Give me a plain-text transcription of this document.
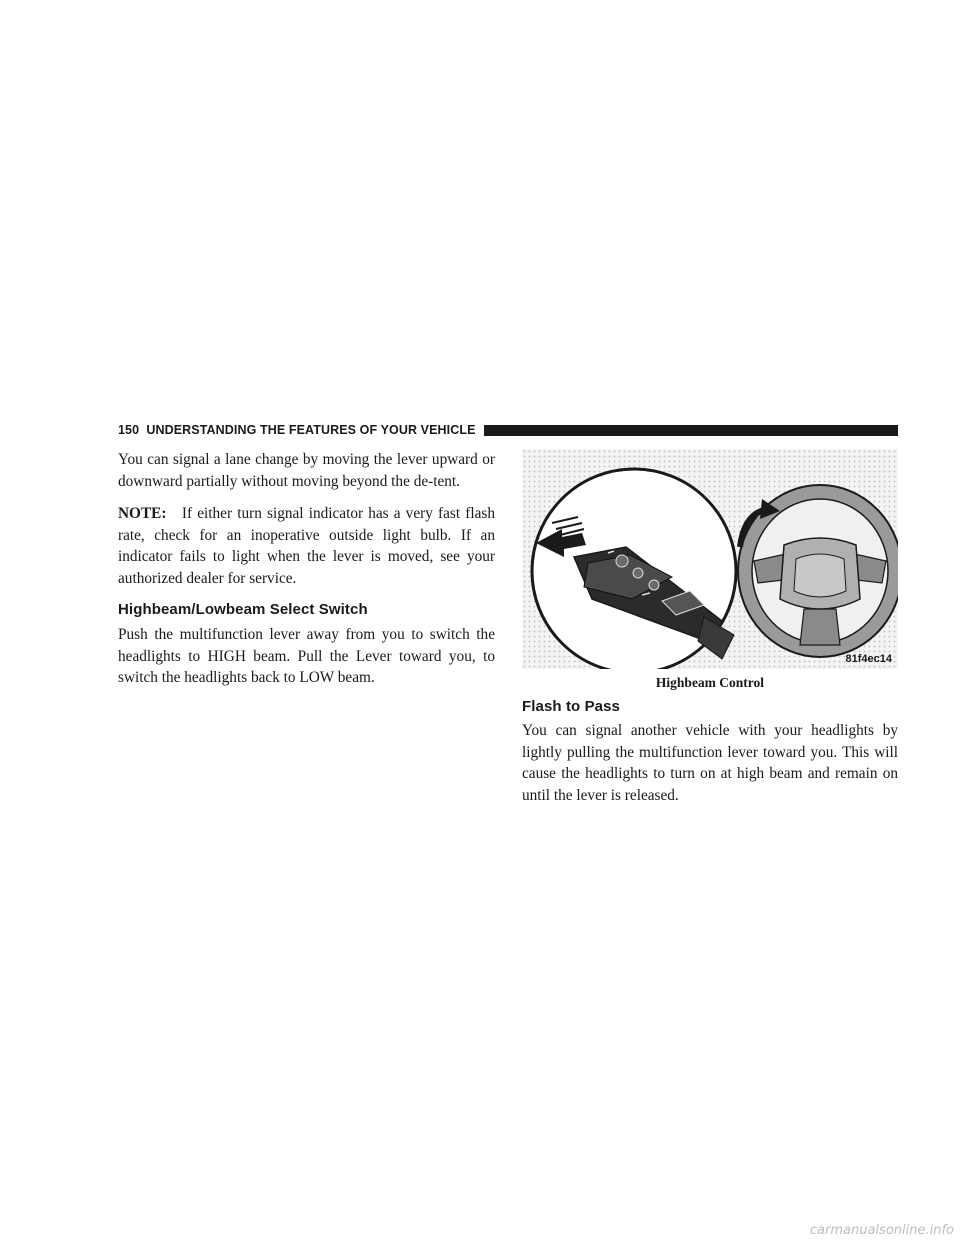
150 UNDERSTANDING THE FEATURES OF YOUR VEHICLE

You can signal a lane change by moving the lever upward or downward partially without moving beyond the de-tent.

NOTE: If either turn signal indicator has a very fast flash rate, check for an inoperative outside light bulb. If an indicator fails to light when the lever is moved, see your authorized dealer for service.

Highbeam/Lowbeam Select Switch

Push the multifunction lever away from you to switch the headlights to HIGH beam. Pull the Lever toward you, to switch the headlights back to LOW beam.

81f4ec14
Highbeam Control
Flash to Pass

You can signal another vehicle with your headlights by lightly pulling the multifunction lever toward you. This will cause the headlights to turn on at high beam and remain on until the lever is released.

carmanualsonline.info
